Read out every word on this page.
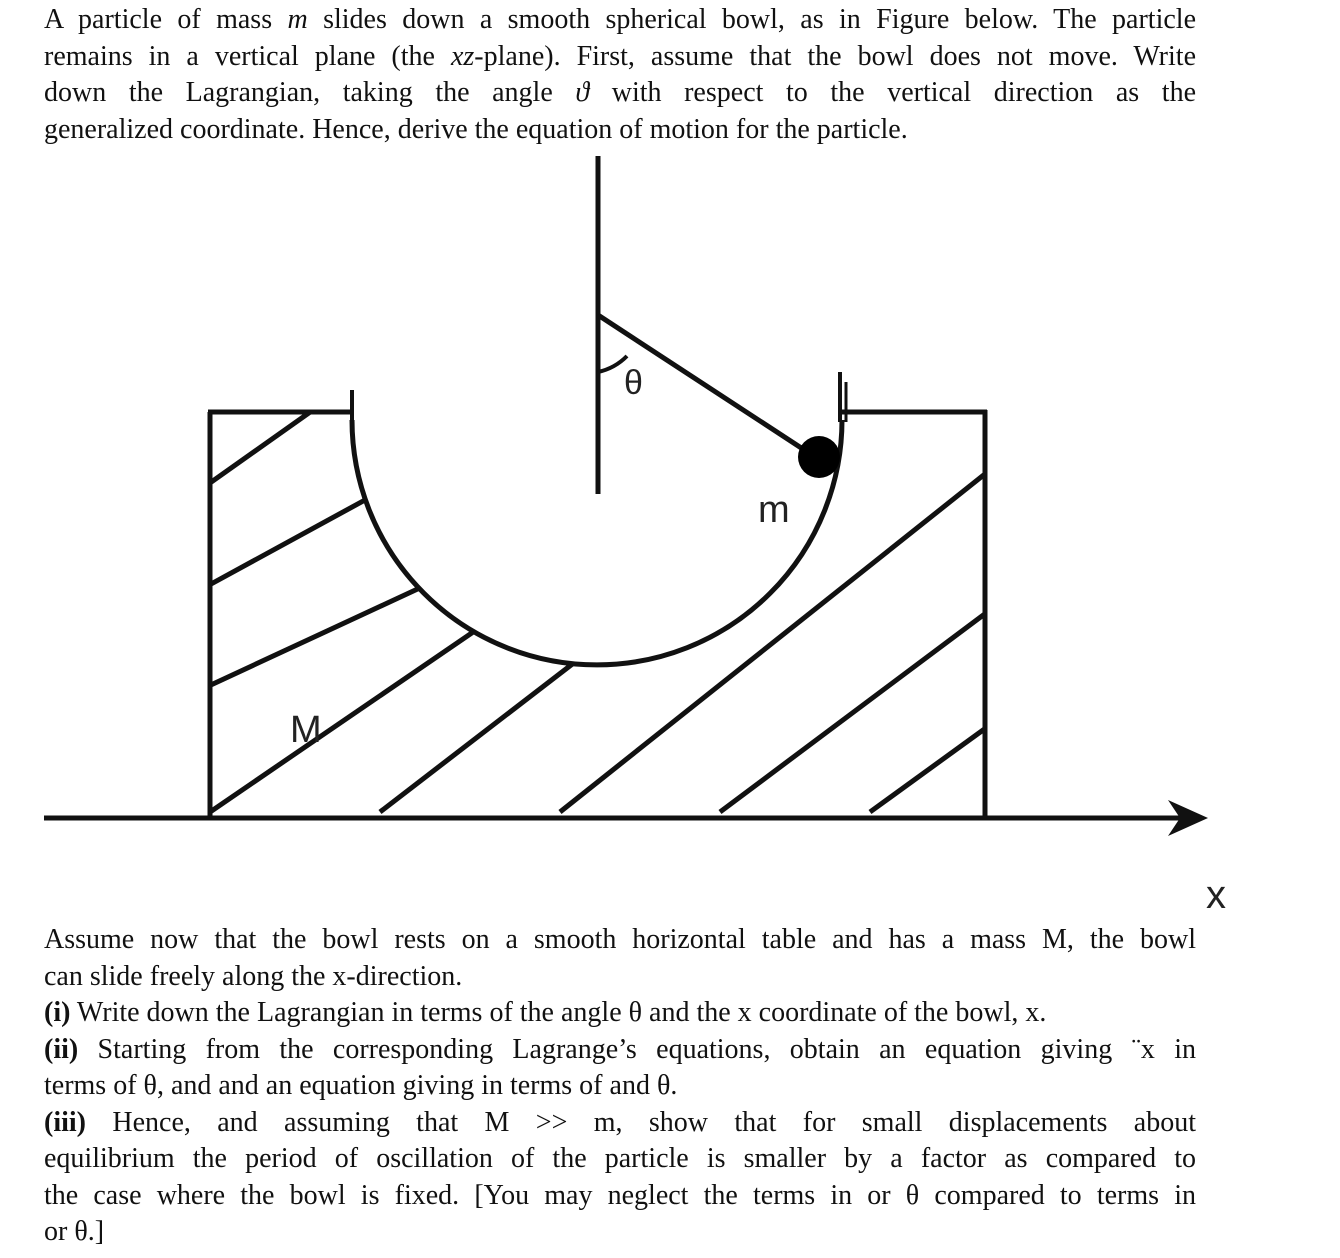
A particle of mass m slides down a smooth spherical bowl, as in Figure below. The particle
remains in a vertical plane (the xz-plane). First, assume that the bowl does not move. Write
down the Lagrangian, taking the angle ϑ with respect to the vertical direction as the
generalized coordinate. Hence, derive the equation of motion for the particle.
θ
m
M
x
Assume now that the bowl rests on a smooth horizontal table and has a mass M, the bowl
can slide freely along the x-direction.
(i) Write down the Lagrangian in terms of the angle θ and the x coordinate of the bowl, x.
(ii) Starting from the corresponding Lagrange’s equations, obtain an equation giving ¨x in
terms of θ, and and an equation giving in terms of and θ.
(iii) Hence, and assuming that M >> m, show that for small displacements about
equilibrium the period of oscillation of the particle is smaller by a factor as compared to
the case where the bowl is fixed. [You may neglect the terms in or θ compared to terms in
or θ.]
